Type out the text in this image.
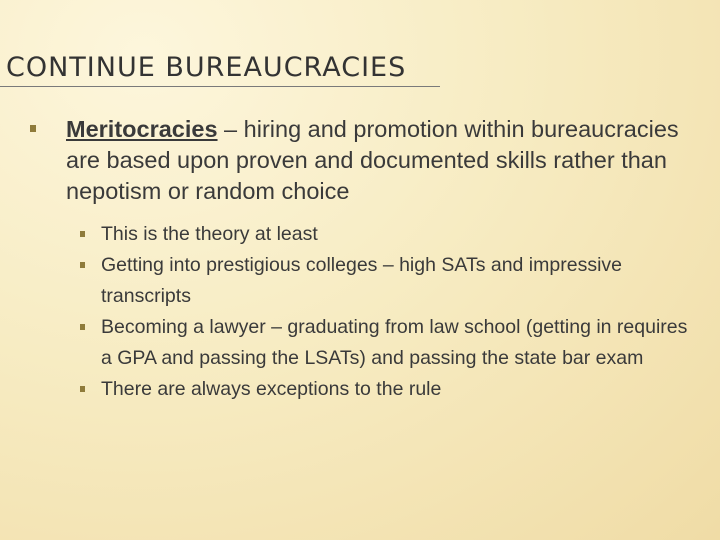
CONTINUE BUREAUCRACIES
Meritocracies – hiring and promotion within bureaucracies are based upon proven and documented skills rather than nepotism or random choice
This is the theory at least
Getting into prestigious colleges – high SATs and impressive transcripts
Becoming a lawyer – graduating from law school (getting in requires a GPA and passing the LSATs) and passing the state bar exam
There are always exceptions to the rule
